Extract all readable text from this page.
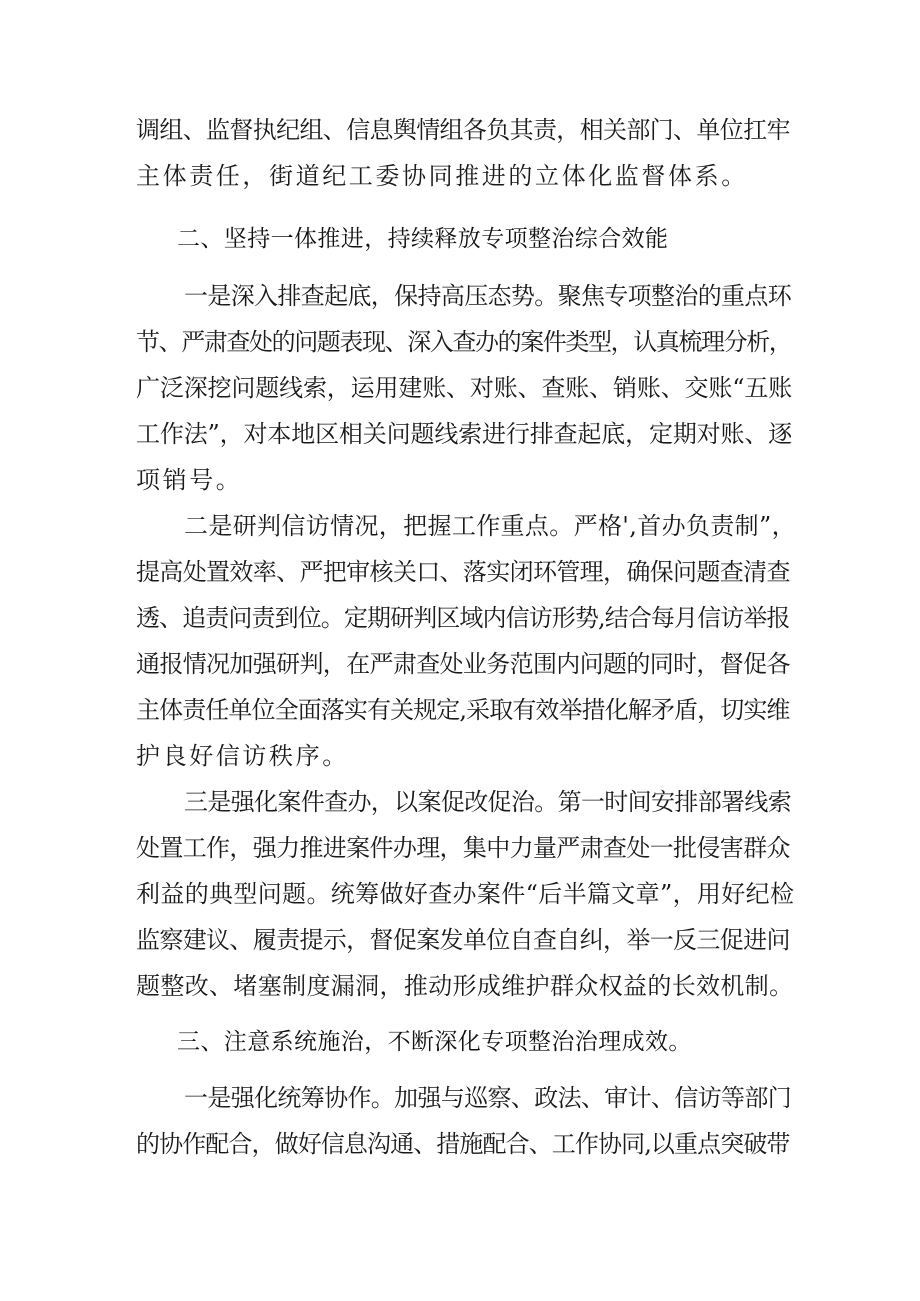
调组、监督执纪组、信息舆情组各负其责，相关部门、单位扛牢
主体责任，街道纪工委协同推进的立体化监督体系。
二、坚持一体推进，持续释放专项整治综合效能
一是深入排查起底，保持高压态势。聚焦专项整治的重点环
节、严肃查处的问题表现、深入查办的案件类型，认真梳理分析，
广泛深挖问题线索，运用建账、对账、查账、销账、交账“五账
工作法”，对本地区相关问题线索进行排查起底，定期对账、逐
项销号。
二是研判信访情况，把握工作重点。严格',首办负责制”，
提高处置效率、严把审核关口、落实闭环管理，确保问题查清查
透、追责问责到位。定期研判区域内信访形势,结合每月信访举报
通报情况加强研判，在严肃查处业务范围内问题的同时，督促各
主体责任单位全面落实有关规定,采取有效举措化解矛盾，切实维
护良好信访秩序。
三是强化案件查办，以案促改促治。第一时间安排部署线索
处置工作，强力推进案件办理，集中力量严肃查处一批侵害群众
利益的典型问题。统筹做好查办案件“后半篇文章”，用好纪检
监察建议、履责提示，督促案发单位自查自纠，举一反三促进问
题整改、堵塞制度漏洞，推动形成维护群众权益的长效机制。
三、注意系统施治，不断深化专项整治治理成效。
一是强化统筹协作。加强与巡察、政法、审计、信访等部门
的协作配合，做好信息沟通、措施配合、工作协同,以重点突破带
